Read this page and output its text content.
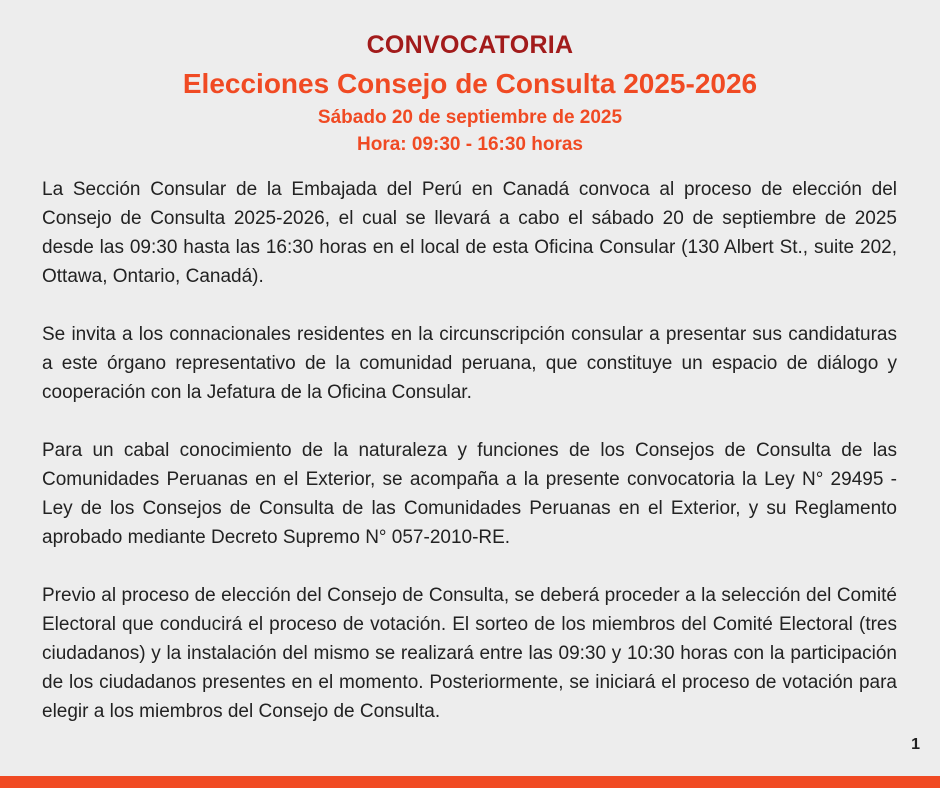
CONVOCATORIA
Elecciones Consejo de Consulta 2025-2026
Sábado 20 de septiembre de 2025
Hora: 09:30 - 16:30 horas

La Sección Consular de la Embajada del Perú en Canadá convoca al proceso de elección del Consejo de Consulta 2025-2026, el cual se llevará a cabo el sábado 20 de septiembre de 2025 desde las 09:30 hasta las 16:30 horas en el local de esta Oficina Consular (130 Albert St., suite 202, Ottawa, Ontario, Canadá).

Se invita a los connacionales residentes en la circunscripción consular a presentar sus candidaturas a este órgano representativo de la comunidad peruana, que constituye un espacio de diálogo y cooperación con la Jefatura de la Oficina Consular.

Para un cabal conocimiento de la naturaleza y funciones de los Consejos de Consulta de las Comunidades Peruanas en el Exterior, se acompaña a la presente convocatoria la Ley N° 29495 - Ley de los Consejos de Consulta de las Comunidades Peruanas en el Exterior, y su Reglamento aprobado mediante Decreto Supremo N° 057-2010-RE.

Previo al proceso de elección del Consejo de Consulta, se deberá proceder a la selección del Comité Electoral que conducirá el proceso de votación. El sorteo de los miembros del Comité Electoral (tres ciudadanos) y la instalación del mismo se realizará entre las 09:30 y 10:30 horas con la participación de los ciudadanos presentes en el momento. Posteriormente, se iniciará el proceso de votación para elegir a los miembros del Consejo de Consulta.

1
